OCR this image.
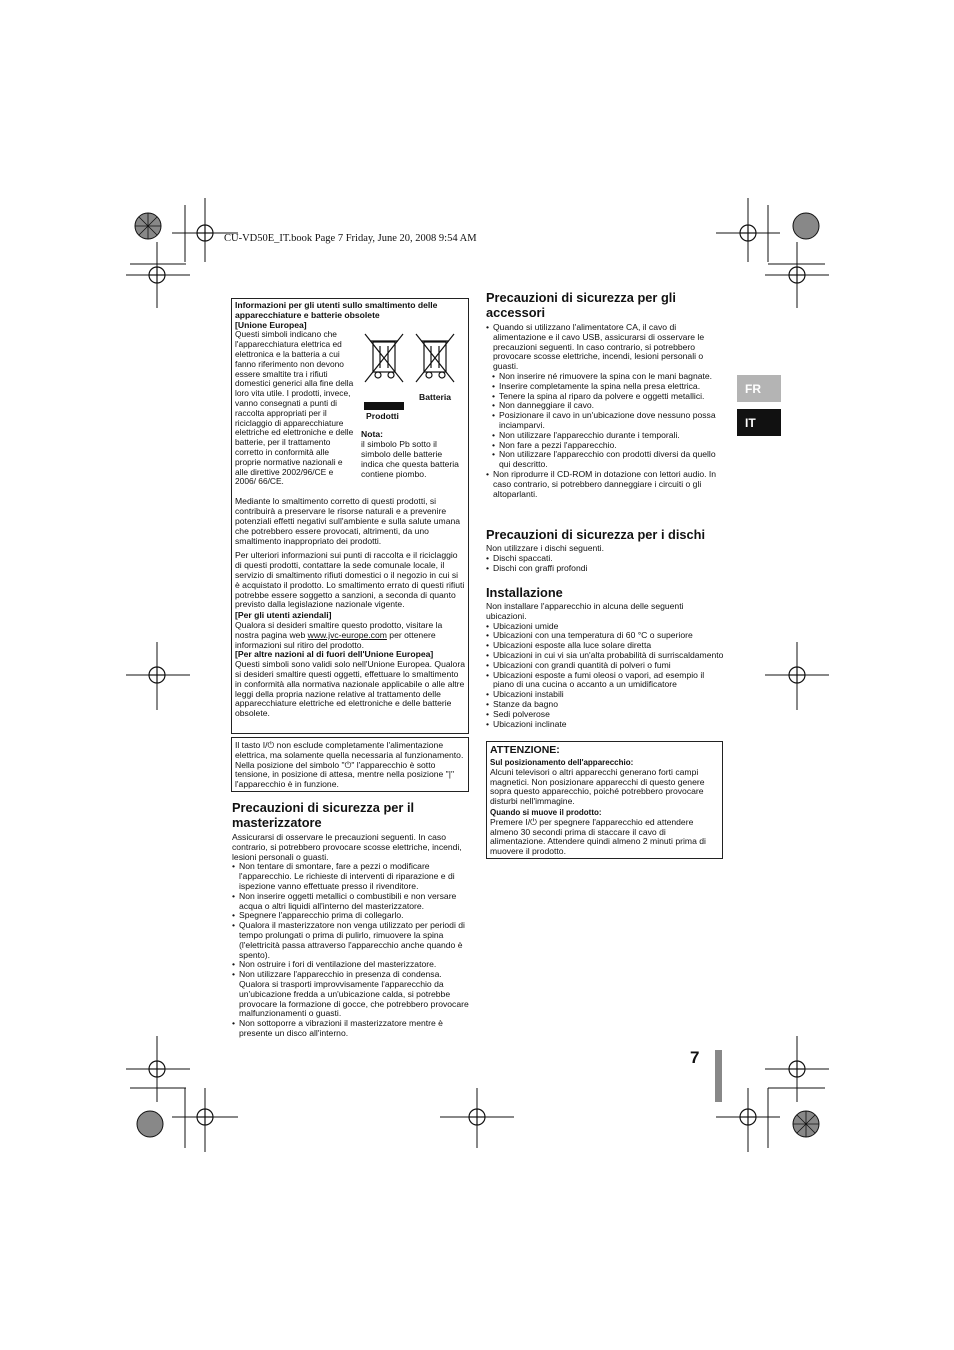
CU-VD50E_IT.book Page 7 Friday, June 20, 2008 9:54 AM
FR
IT

Informazioni per gli utenti sullo smaltimento delle apparecchiature e batterie obsolete

[Unione Europea]

Questi simboli indicano che l'apparecchiatura elettrica ed elettronica e la batteria a cui fanno riferimento non devono essere smaltite tra i rifiuti domestici generici alla fine della loro vita utile. I prodotti, invece, vanno consegnati a punti di raccolta appropriati per il riciclaggio di apparecchiature elettriche ed elettroniche e delle batterie, per il trattamento corretto in conformità alle proprie normative nazionali e alle direttive 2002/96/CE e 2006/ 66/CE.

Prodotti
Batteria

Nota:

il simbolo Pb sotto il simbolo delle batterie indica che questa batteria contiene piombo.

Mediante lo smaltimento corretto di questi prodotti, si contribuirà a preservare le risorse naturali e a prevenire potenziali effetti negativi sull'ambiente e sulla salute umana che potrebbero essere provocati, altrimenti, da uno smaltimento inappropriato dei prodotti.

Per ulteriori informazioni sui punti di raccolta e il riciclaggio di questi prodotti, contattare la sede comunale locale, il servizio di smaltimento rifiuti domestici o il negozio in cui si è acquistato il prodotto. Lo smaltimento errato di questi rifiuti potrebbe essere soggetto a sanzioni, a seconda di quanto previsto dalla legislazione nazionale vigente.

[Per gli utenti aziendali]

Qualora si desideri smaltire questo prodotto, visitare la nostra pagina web www.jvc-europe.com per ottenere informazioni sul ritiro del prodotto.

[Per altre nazioni al di fuori dell'Unione Europea]

Questi simboli sono validi solo nell'Unione Europea. Qualora si desideri smaltire questi oggetti, effettuare lo smaltimento in conformità alla normativa nazionale applicabile o alle altre leggi della propria nazione relative al trattamento delle apparecchiature elettriche ed elettroniche e delle batterie obsolete.

Il tasto I/⏻ non esclude completamente l'alimentazione elettrica, ma solamente quella necessaria al funzionamento. Nella posizione del simbolo "⏻" l'apparecchio è sotto tensione, in posizione di attesa, mentre nella posizione "|" l'apparecchio è in funzione.

Precauzioni di sicurezza per il masterizzatore

Assicurarsi di osservare le precauzioni seguenti. In caso contrario, si potrebbero provocare scosse elettriche, incendi, lesioni personali o guasti.

• Non tentare di smontare, fare a pezzi o modificare l'apparecchio. Le richieste di interventi di riparazione e di ispezione vanno effettuate presso il rivenditore.
• Non inserire oggetti metallici o combustibili e non versare acqua o altri liquidi all'interno del masterizzatore.
• Spegnere l'apparecchio prima di collegarlo.
• Qualora il masterizzatore non venga utilizzato per periodi di tempo prolungati o prima di pulirlo, rimuovere la spina (l'elettricità passa attraverso l'apparecchio anche quando è spento).
• Non ostruire i fori di ventilazione del masterizzatore.
• Non utilizzare l'apparecchio in presenza di condensa. Qualora si trasporti improvvisamente l'apparecchio da un'ubicazione fredda a un'ubicazione calda, si potrebbe provocare la formazione di gocce, che potrebbero provocare malfunzionamenti o guasti.
• Non sottoporre a vibrazioni il masterizzatore mentre è presente un disco all'interno.
Precauzioni di sicurezza per gli accessori
• Quando si utilizzano l'alimentatore CA, il cavo di alimentazione e il cavo USB, assicurarsi di osservare le precauzioni seguenti. In caso contrario, si potrebbero provocare scosse elettriche, incendi, lesioni personali o guasti.
• Non inserire né rimuovere la spina con le mani bagnate.
• Inserire completamente la spina nella presa elettrica.
• Tenere la spina al riparo da polvere e oggetti metallici.
• Non danneggiare il cavo.
• Posizionare il cavo in un'ubicazione dove nessuno possa inciamparvi.
• Non utilizzare l'apparecchio durante i temporali.
• Non fare a pezzi l'apparecchio.
• Non utilizzare l'apparecchio con prodotti diversi da quello qui descritto.
• Non riprodurre il CD-ROM in dotazione con lettori audio. In caso contrario, si potrebbero danneggiare i circuiti o gli altoparlanti.
Precauzioni di sicurezza per i dischi

Non utilizzare i dischi seguenti.

• Dischi spaccati.
• Dischi con graffi profondi
Installazione

Non installare l'apparecchio in alcuna delle seguenti ubicazioni.

• Ubicazioni umide
• Ubicazioni con una temperatura di 60 °C o superiore
• Ubicazioni esposte alla luce solare diretta
• Ubicazioni in cui vi sia un'alta probabilità di surriscaldamento
• Ubicazioni con grandi quantità di polveri o fumi
• Ubicazioni esposte a fumi oleosi o vapori, ad esempio il piano di una cucina o accanto a un umidificatore
• Ubicazioni instabili
• Stanze da bagno
• Sedi polverose
• Ubicazioni inclinate

ATTENZIONE:

Sul posizionamento dell'apparecchio:

Alcuni televisori o altri apparecchi generano forti campi magnetici. Non posizionare apparecchi di questo genere sopra questo apparecchio, poiché potrebbero provocare disturbi nell'immagine.

Quando si muove il prodotto:

Premere I/⏻ per spegnere l'apparecchio ed attendere almeno 30 secondi prima di staccare il cavo di alimentazione. Attendere quindi almeno 2 minuti prima di muovere il prodotto.

7
